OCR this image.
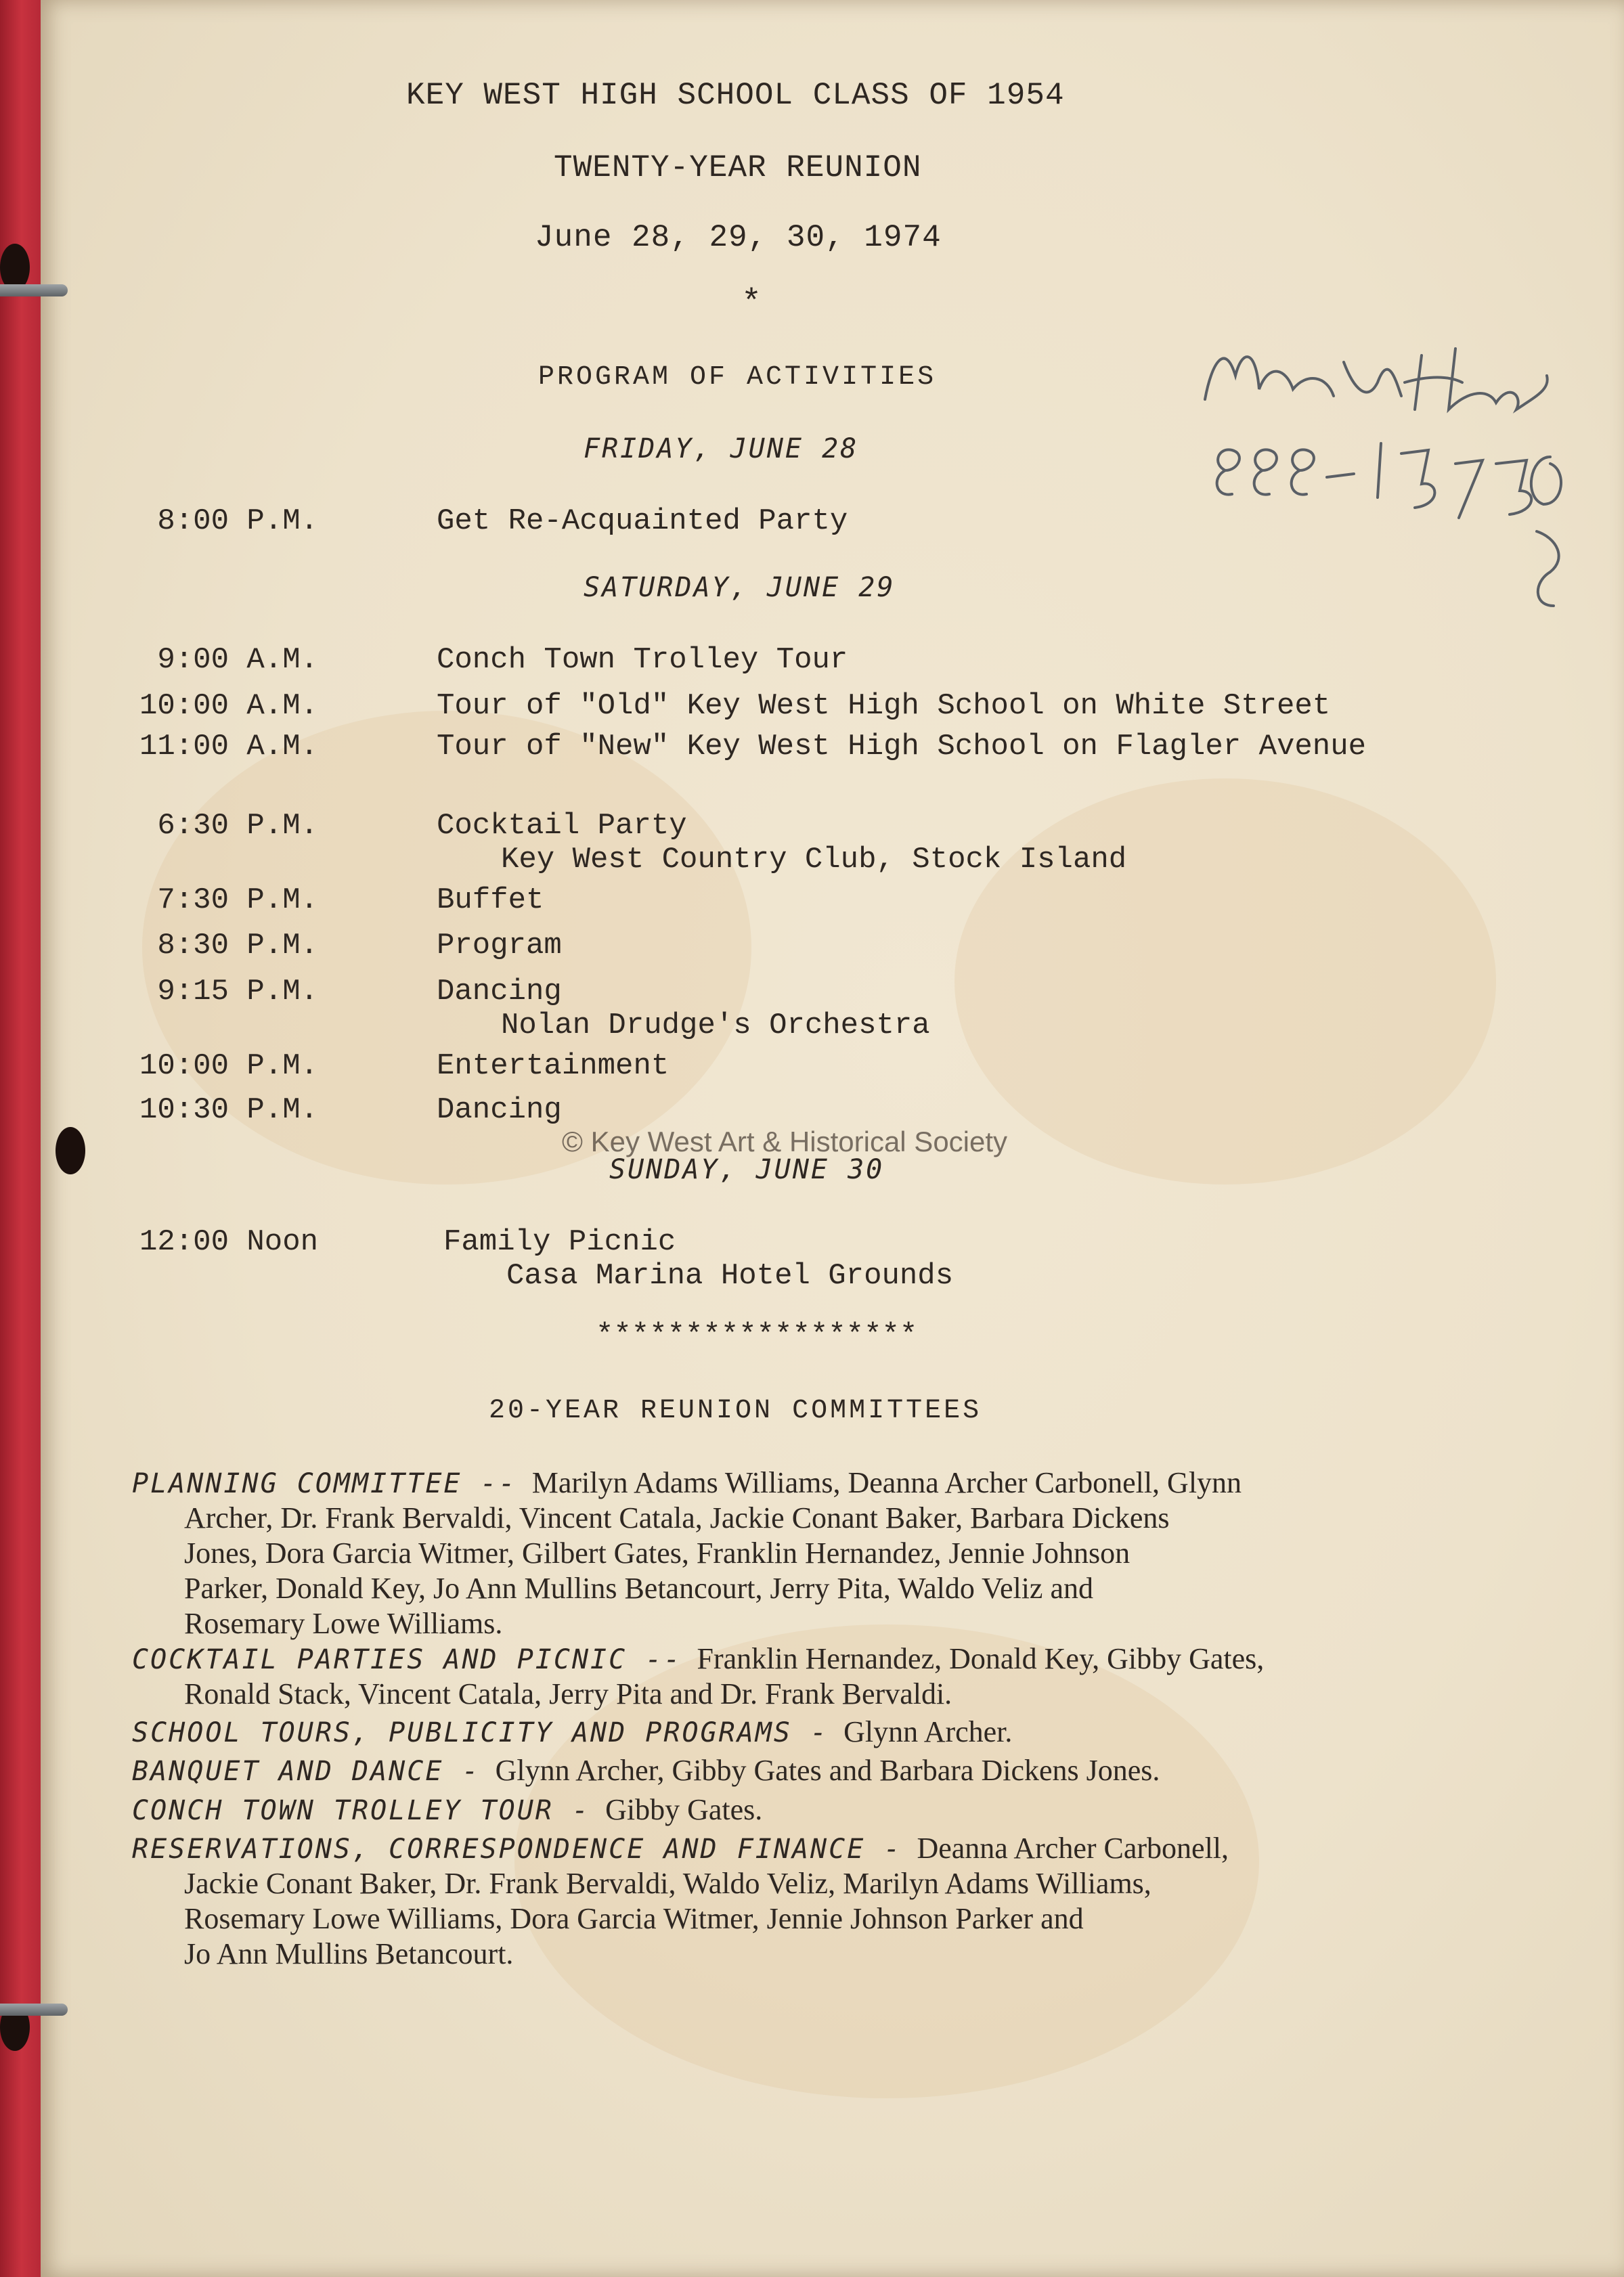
KEY WEST HIGH SCHOOL CLASS OF 1954
TWENTY-YEAR REUNION
June 28, 29, 30, 1974
*
PROGRAM OF ACTIVITIES
FRIDAY, JUNE 28
8:00 P.M.	Get Re-Acquainted Party
SATURDAY, JUNE 29
9:00 A.M.	Conch Town Trolley Tour
10:00 A.M.	Tour of "Old" Key West High School on White Street
11:00 A.M.	Tour of "New" Key West High School on Flagler Avenue
6:30 P.M.	Cocktail Party
Key West Country Club, Stock Island
7:30 P.M.	Buffet
8:30 P.M.	Program
9:15 P.M.	Dancing
Nolan Drudge's Orchestra
10:00 P.M.	Entertainment
10:30 P.M.	Dancing
SUNDAY, JUNE 30
12:00 Noon	Family Picnic
Casa Marina Hotel Grounds
******************
© Key West Art & Historical Society
20-YEAR REUNION COMMITTEES
PLANNING COMMITTEE -- Marilyn Adams Williams, Deanna Archer Carbonell, Glynn
Archer, Dr. Frank Bervaldi, Vincent Catala, Jackie Conant Baker, Barbara Dickens
Jones, Dora Garcia Witmer, Gilbert Gates, Franklin Hernandez, Jennie Johnson
Parker, Donald Key, Jo Ann Mullins Betancourt, Jerry Pita, Waldo Veliz and
Rosemary Lowe Williams.
COCKTAIL PARTIES AND PICNIC -- Franklin Hernandez, Donald Key, Gibby Gates,
Ronald Stack, Vincent Catala, Jerry Pita and Dr. Frank Bervaldi.
SCHOOL TOURS, PUBLICITY AND PROGRAMS - Glynn Archer.
BANQUET AND DANCE - Glynn Archer, Gibby Gates and Barbara Dickens Jones.
CONCH TOWN TROLLEY TOUR - Gibby Gates.
RESERVATIONS, CORRESPONDENCE AND FINANCE - Deanna Archer Carbonell,
Jackie Conant Baker, Dr. Frank Bervaldi, Waldo Veliz, Marilyn Adams Williams,
Rosemary Lowe Williams, Dora Garcia Witmer, Jennie Johnson Parker and
Jo Ann Mullins Betancourt.
